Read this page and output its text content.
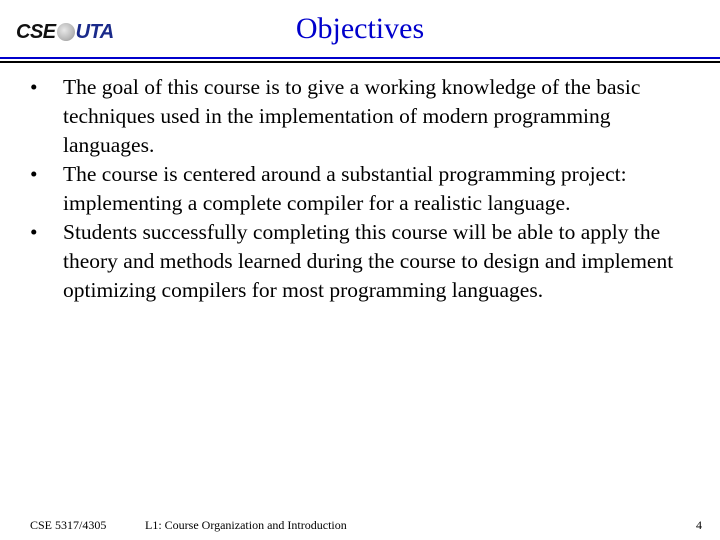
CSE UTA	Objectives
•	The goal of this course is to give a working knowledge of the basic techniques used in the implementation of modern programming languages.
•	The course is centered around a substantial programming project: implementing a complete compiler for a realistic language.
•	Students successfully completing this course will be able to apply the theory and methods learned during the course to design and implement optimizing compilers for most programming languages.
CSE 5317/4305	L1: Course Organization and Introduction	4
